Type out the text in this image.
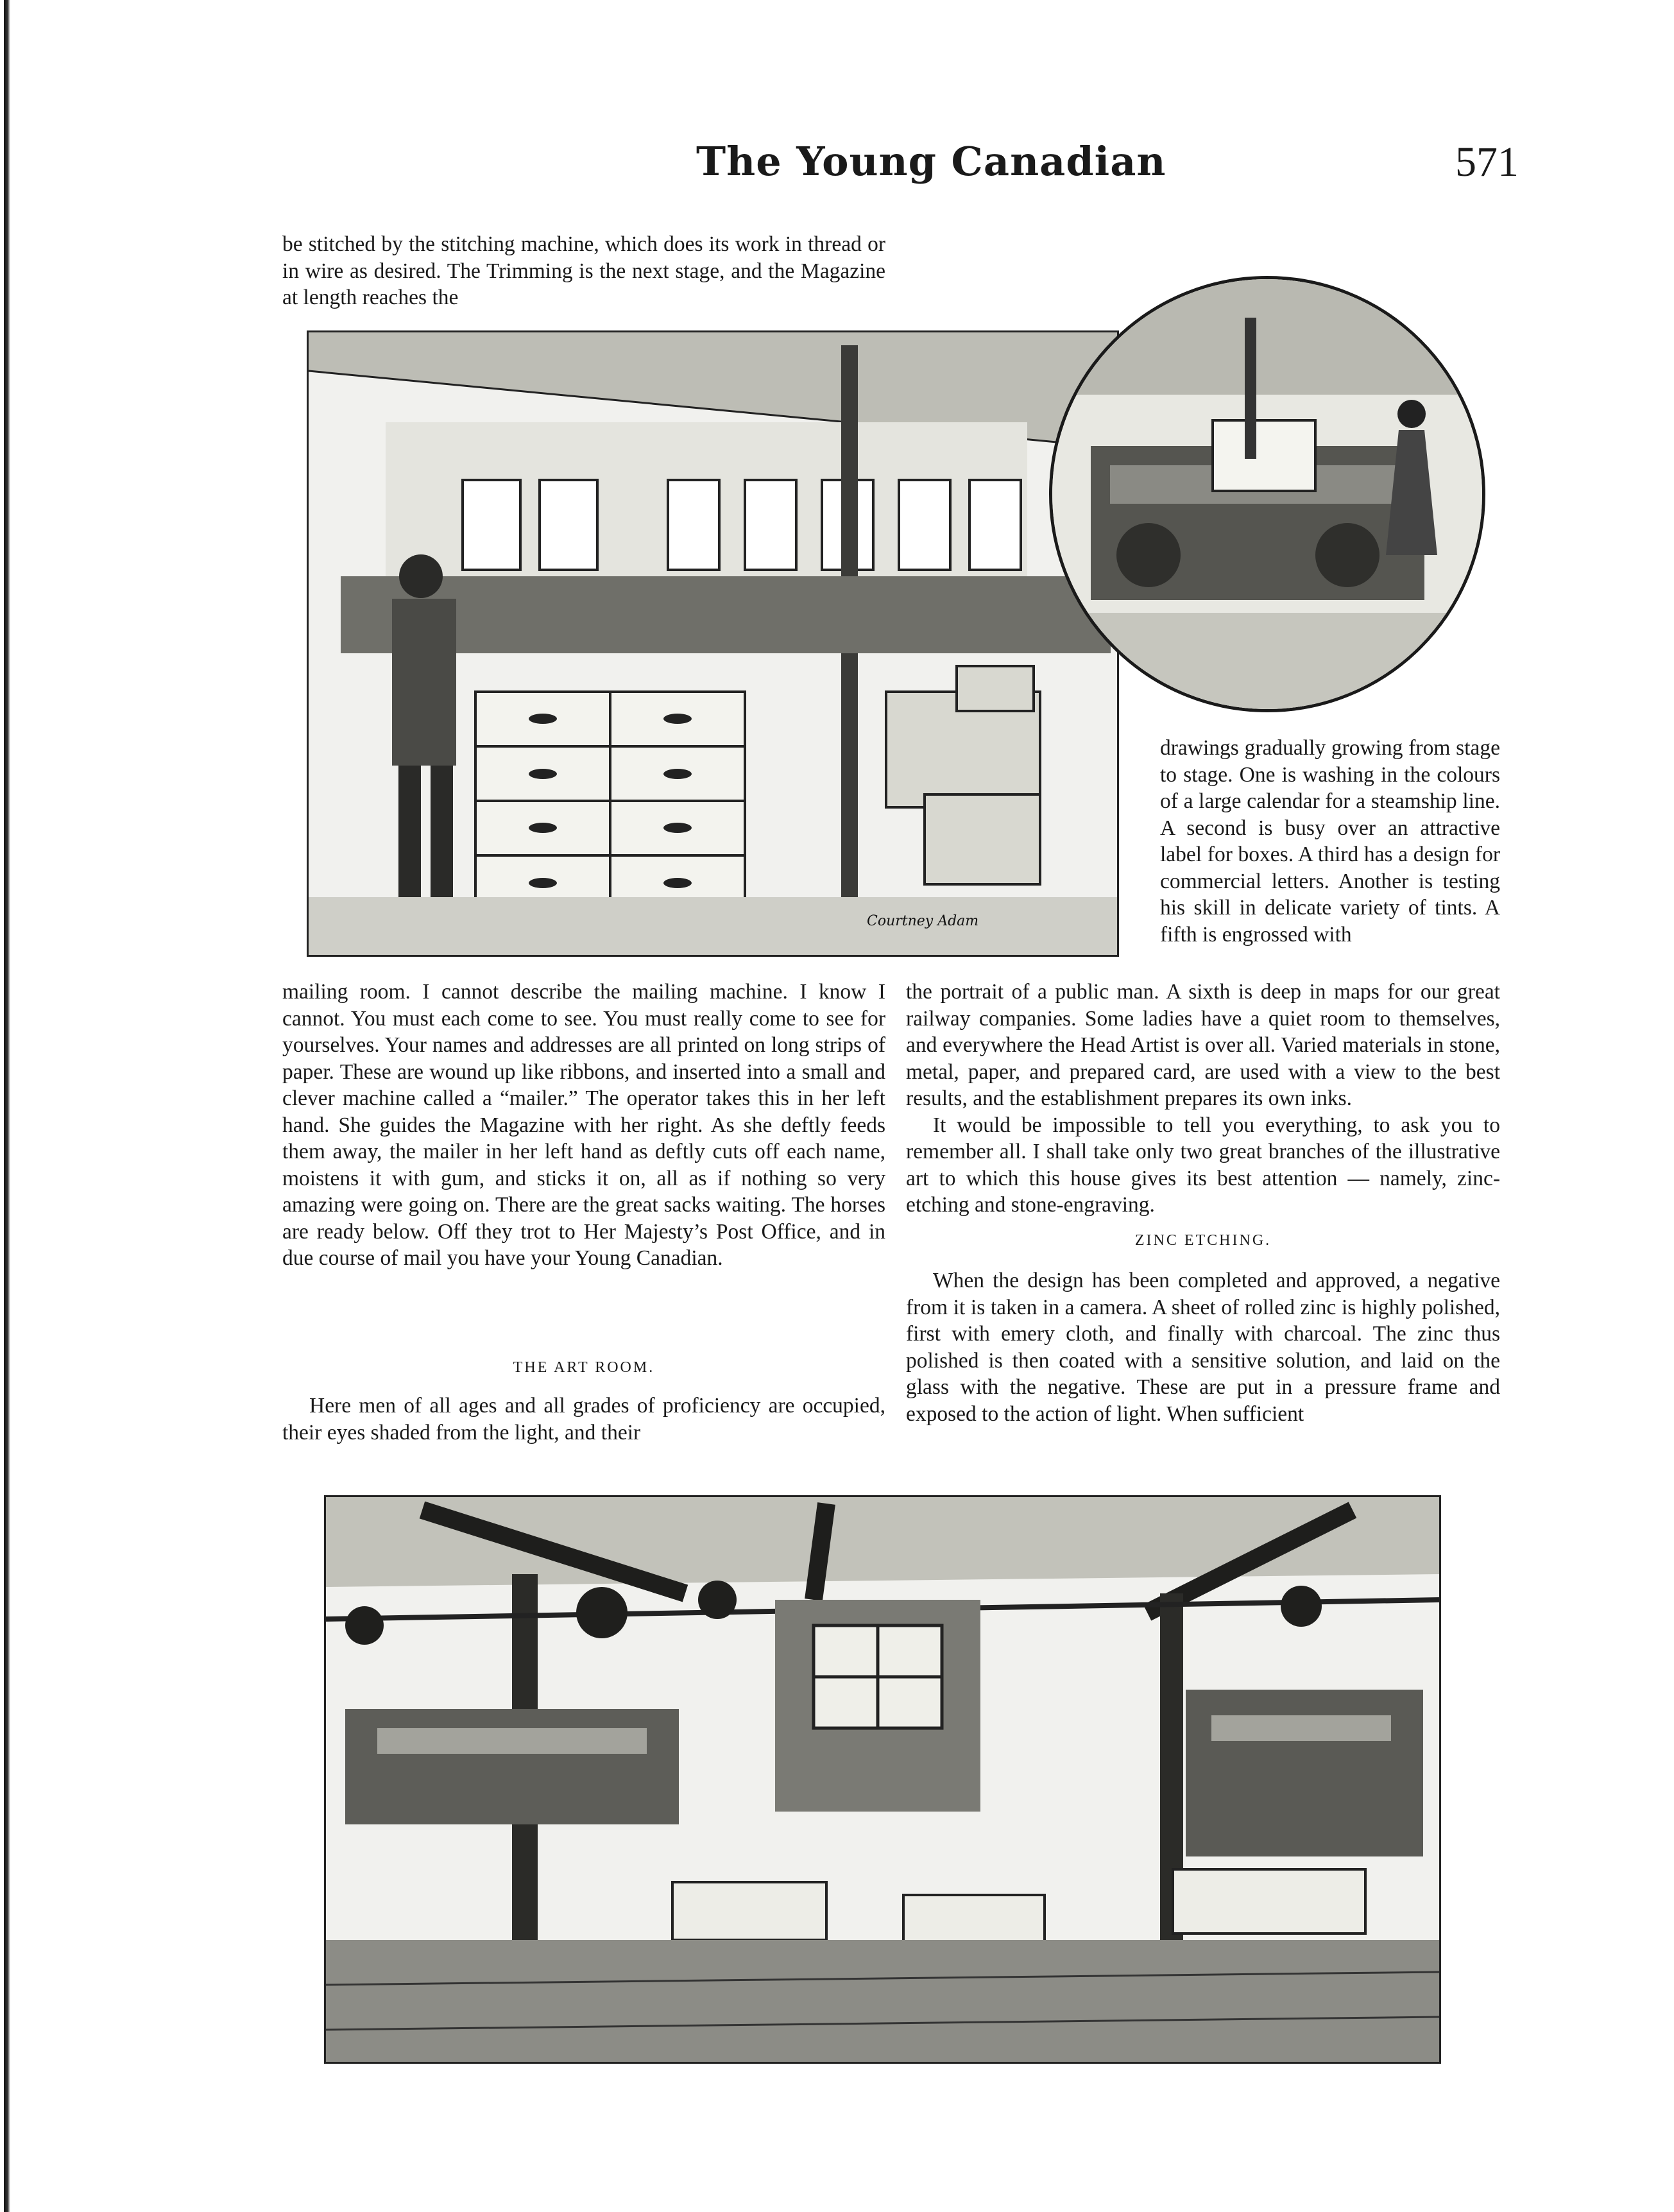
The Young Canadian	571

be stitched by the stitching machine, which does its work in thread or in wire as desired. The Trimming is the next stage, and the Magazine at length reaches the

Courtney Adam

drawings gradually growing from stage to stage. One is washing in the colours of a large calendar for a steamship line. A second is busy over an attractive label for boxes. A third has a design for commercial letters. Another is testing his skill in delicate variety of tints. A fifth is engrossed with

mailing room. I cannot describe the mailing machine. I know I cannot. You must each come to see. You must really come to see for yourselves. Your names and addresses are all printed on long strips of paper. These are wound up like ribbons, and inserted into a small and clever machine called a “mailer.” The operator takes this in her left hand. She guides the Magazine with her right. As she deftly feeds them away, the mailer in her left hand as deftly cuts off each name, moistens it with gum, and sticks it on, all as if nothing so very amazing were going on. There are the great sacks waiting. The horses are ready below. Off they trot to Her Majesty’s Post Office, and in due course of mail you have your Young Canadian.

THE ART ROOM.

Here men of all ages and all grades of proficiency are occupied, their eyes shaded from the light, and their

the portrait of a public man. A sixth is deep in maps for our great railway companies. Some ladies have a quiet room to themselves, and everywhere the Head Artist is over all. Varied materials in stone, metal, paper, and prepared card, are used with a view to the best results, and the establishment prepares its own inks.

It would be impossible to tell you everything, to ask you to remember all. I shall take only two great branches of the illustrative art to which this house gives its best attention — namely, zinc-etching and stone-engraving.

ZINC ETCHING.

When the design has been completed and approved, a negative from it is taken in a camera. A sheet of rolled zinc is highly polished, first with emery cloth, and finally with charcoal. The zinc thus polished is then coated with a sensitive solution, and laid on the glass with the negative. These are put in a pressure frame and exposed to the action of light. When sufficient
